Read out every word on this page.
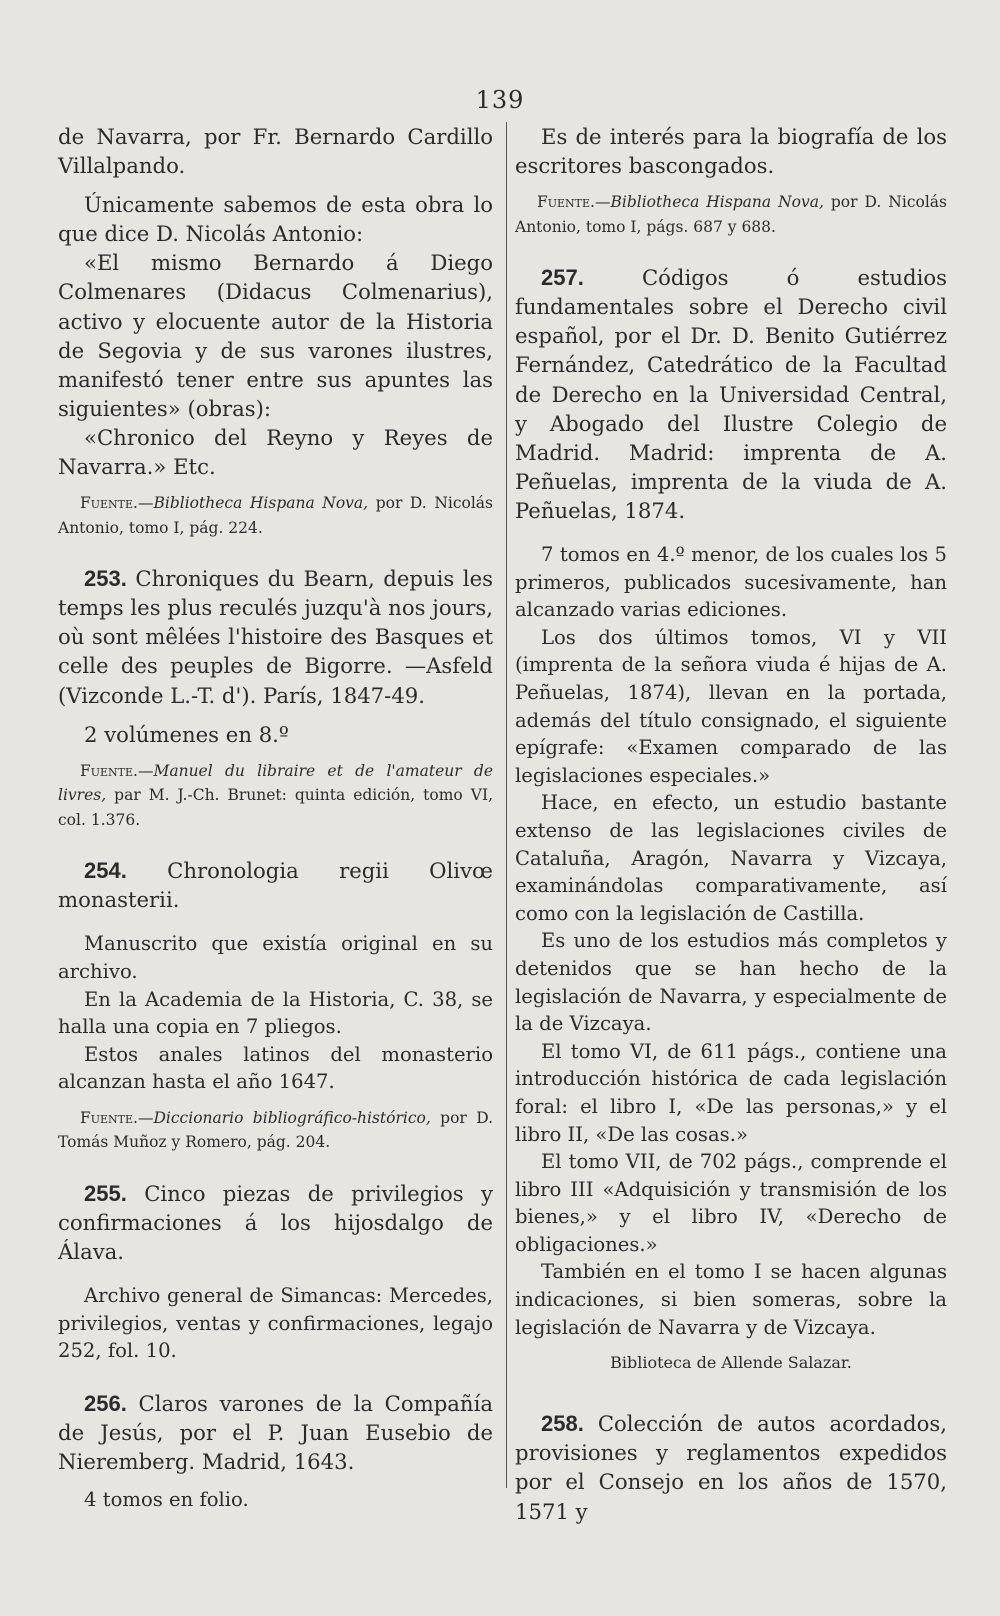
139

de Navarra, por Fr. Bernardo Cardillo Villalpando.

Únicamente sabemos de esta obra lo que dice D. Nicolás Antonio:

«El mismo Bernardo á Diego Colmenares (Didacus Colmenarius), activo y elocuente autor de la Historia de Segovia y de sus varones ilustres, manifestó tener entre sus apuntes las siguientes» (obras):

«Chronico del Reyno y Reyes de Navarra.» Etc.

Fuente.—Bibliotheca Hispana Nova, por D. Nicolás Antonio, tomo I, pág. 224.

253. Chroniques du Bearn, depuis les temps les plus reculés juzqu'à nos jours, où sont mêlées l'histoire des Basques et celle des peuples de Bigorre. —Asfeld (Vizconde L.-T. d'). París, 1847-49.

2 volúmenes en 8.º

Fuente.—Manuel du libraire et de l'amateur de livres, par M. J.-Ch. Brunet: quinta edición, tomo VI, col. 1.376.

254. Chronologia regii Olivœ monasterii.

Manuscrito que existía original en su archivo.

En la Academia de la Historia, C. 38, se halla una copia en 7 pliegos.

Estos anales latinos del monasterio alcanzan hasta el año 1647.

Fuente.—Diccionario bibliográfico-histórico, por D. Tomás Muñoz y Romero, pág. 204.

255. Cinco piezas de privilegios y confirmaciones á los hijosdalgo de Álava.

Archivo general de Simancas: Mercedes, privilegios, ventas y confirmaciones, legajo 252, fol. 10.

256. Claros varones de la Compañía de Jesús, por el P. Juan Eusebio de Nieremberg. Madrid, 1643.

4 tomos en folio.

Es de interés para la biografía de los escritores bascongados.

Fuente.—Bibliotheca Hispana Nova, por D. Nicolás Antonio, tomo I, págs. 687 y 688.

257. Códigos ó estudios fundamentales sobre el Derecho civil español, por el Dr. D. Benito Gutiérrez Fernández, Catedrático de la Facultad de Derecho en la Universidad Central, y Abogado del Ilustre Colegio de Madrid. Madrid: imprenta de A. Peñuelas, imprenta de la viuda de A. Peñuelas, 1874.

7 tomos en 4.º menor, de los cuales los 5 primeros, publicados sucesivamente, han alcanzado varias ediciones.

Los dos últimos tomos, VI y VII (imprenta de la señora viuda é hijas de A. Peñuelas, 1874), llevan en la portada, además del título consignado, el siguiente epígrafe: «Examen comparado de las legislaciones especiales.»

Hace, en efecto, un estudio bastante extenso de las legislaciones civiles de Cataluña, Aragón, Navarra y Vizcaya, examinándolas comparativamente, así como con la legislación de Castilla.

Es uno de los estudios más completos y detenidos que se han hecho de la legislación de Navarra, y especialmente de la de Vizcaya.

El tomo VI, de 611 págs., contiene una introducción histórica de cada legislación foral: el libro I, «De las personas,» y el libro II, «De las cosas.»

El tomo VII, de 702 págs., comprende el libro III «Adquisición y transmisión de los bienes,» y el libro IV, «Derecho de obligaciones.»

También en el tomo I se hacen algunas indicaciones, si bien someras, sobre la legislación de Navarra y de Vizcaya.

Biblioteca de Allende Salazar.

258. Colección de autos acordados, provisiones y reglamentos expedidos por el Consejo en los años de 1570, 1571 y
